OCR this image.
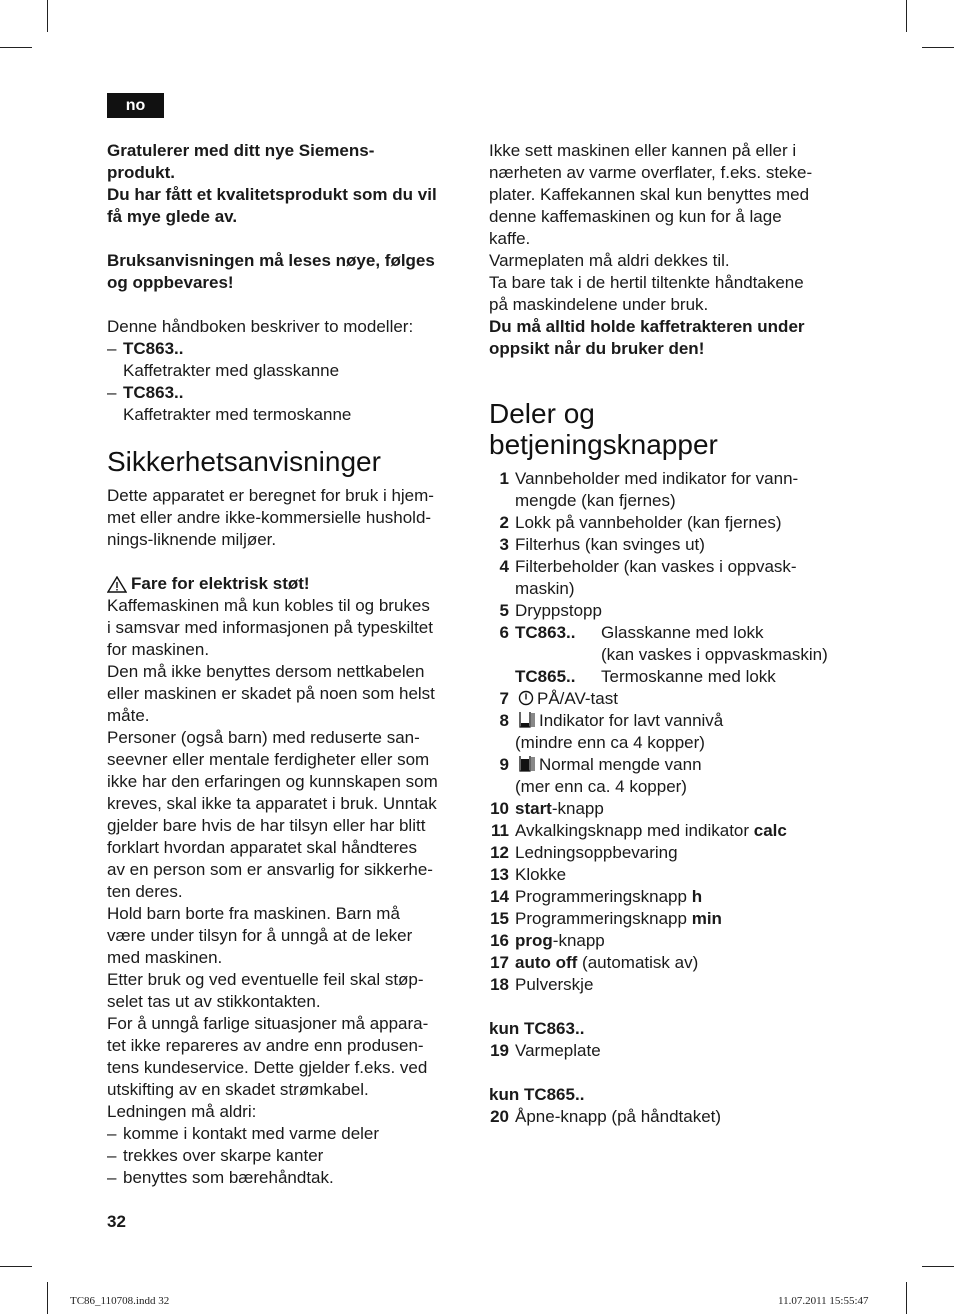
no

Gratulerer med ditt nye Siemens-

produkt.

Du har fått et kvalitetsprodukt som du vil

få mye glede av.

Bruksanvisningen må leses nøye, følges

og oppbevares!

Denne håndboken beskriver to modeller:

– TC863..
Kaffetrakter med glasskanne
– TC863..
Kaffetrakter med termoskanne
Sikkerhetsanvisninger

Dette apparatet er beregnet for bruk i hjem-

met eller andre ikke-kommersielle hushold-

nings-liknende miljøer.

Fare for elektrisk støt!

Kaffemaskinen må kun kobles til og brukes

i samsvar med informasjonen på typeskiltet

for maskinen.

Den må ikke benyttes dersom nettkabelen

eller maskinen er skadet på noen som helst

måte.

Personer (også barn) med reduserte san-

seevner eller mentale ferdigheter eller som

ikke har den erfaringen og kunnskapen som

kreves, skal ikke ta apparatet i bruk. Unntak

gjelder bare hvis de har tilsyn eller har blitt

forklart hvordan apparatet skal håndteres

av en person som er ansvarlig for sikkerhe-

ten deres.

Hold barn borte fra maskinen. Barn må

være under tilsyn for å unngå at de leker

med maskinen.

Etter bruk og ved eventuelle feil skal støp-

selet tas ut av stikkontakten.

For å unngå farlige situasjoner må appara-

tet ikke repareres av andre enn produsen-

tens kundeservice. Dette gjelder f.eks. ved

utskifting av en skadet strømkabel.

Ledningen må aldri:

– komme i kontakt med varme deler
– trekkes over skarpe kanter
– benyttes som bærehåndtak.

Ikke sett maskinen eller kannen på eller i

nærheten av varme overflater, f.eks. steke-

plater. Kaffekannen skal kun benyttes med

denne kaffemaskinen og kun for å lage

kaffe.

Varmeplaten må aldri dekkes til.

Ta bare tak i de hertil tiltenkte håndtakene

på maskindelene under bruk.

Du må alltid holde kaffetrakteren under

oppsikt når du bruker den!

Deler og
betjeningsknapper
1 Vannbeholder med indikator for vann-
mengde (kan fjernes)
2 Lokk på vannbeholder (kan fjernes)
3 Filterhus (kan svinges ut)
4 Filterbeholder (kan vaskes i oppvask-
maskin)
5 Dryppstopp
6 TC863..	Glasskanne med lokk
(kan vaskes i oppvaskmaskin)
TC865..	Termoskanne med lokk
7	PÅ/AV-tast
8	Indikator for lavt vannivå
(mindre enn ca 4 kopper)
9	Normal mengde vann
(mer enn ca. 4 kopper)
10 start-knapp
11 Avkalkingsknapp med indikator calc
12 Ledningsoppbevaring
13 Klokke
14 Programmeringsknapp h
15 Programmeringsknapp min
16 prog-knapp
17 auto off (automatisk av)
18 Pulverskje

kun TC863..

19 Varmeplate

kun TC865..

20 Åpne-knapp (på håndtaket)
32
TC86_110708.indd 32	11.07.2011 15:55:47
